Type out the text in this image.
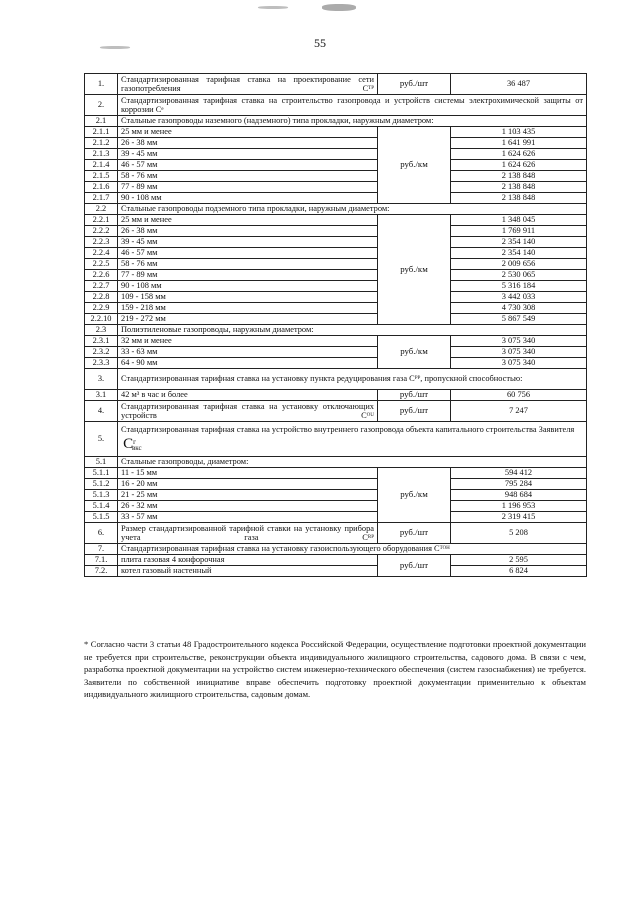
55
1.	Стандартизированная тарифная ставка на проектирование сети газопотребления Сᵀᴾ	руб./шт	36 487
2.	Стандартизированная тарифная ставка на строительство газопровода и устройств системы электрохимической защиты от коррозии Сᵉ		
2.1	Стальные газопроводы наземного (надземного) типа прокладки, наружным диаметром:		
2.1.1	25 мм и менее	руб./км	1 103 435
2.1.2	26 - 38 мм		1 641 991
2.1.3	39 - 45 мм		1 624 626
2.1.4	46 - 57 мм		1 624 626
2.1.5	58 - 76 мм		2 138 848
2.1.6	77 - 89 мм		2 138 848
2.1.7	90 - 108 мм		2 138 848
2.2	Стальные газопроводы подземного типа прокладки, наружным диаметром:		
2.2.1	25 мм и менее	руб./км	1 348 045
2.2.2	26 - 38 мм		1 769 911
2.2.3	39 - 45 мм		2 354 140
2.2.4	46 - 57 мм		2 354 140
2.2.5	58 - 76 мм		2 009 656
2.2.6	77 - 89 мм		2 530 065
2.2.7	90 - 108 мм		5 316 184
2.2.8	109 - 158 мм		3 442 033
2.2.9	159 - 218 мм		4 730 308
2.2.10	219 - 272 мм		5 867 549
2.3	Полиэтиленовые газопроводы, наружным диаметром:		
2.3.1	32 мм и менее	руб./км	3 075 340
2.3.2	33 - 63 мм		3 075 340
2.3.3	64 - 90 мм		3 075 340
3.	Стандартизированная тарифная ставка на установку пункта редуцирования газа Сᴾᴾ, пропускной способностью:		
3.1	42 м³ в час и более	руб./шт	60 756
4.	Стандартизированная тарифная ставка на установку отключающих устройств Сᴼᵁ	руб./шт	7 247
5.	Стандартизированная тарифная ставка на устройство внутреннего газопровода объекта капитального строительства Заявителя  $С^г_{вкс}$
5.1	Стальные газопроводы, диаметром:		
5.1.1	11 - 15 мм	руб./км	594 412
5.1.2	16 - 20 мм		795 284
5.1.3	21 - 25 мм		948 684
5.1.4	26 - 32 мм		1 196 953
5.1.5	33 - 57 мм		2 319 415
6.	Размер стандартизированной тарифной ставки на установку прибора учета газа Сᴿᴾ	руб./шт	5 208
7.	Стандартизированная тарифная ставка на установку газоиспользующего оборудования Сᵀᴼᴴ		
7.1.	плита газовая 4 конфорочная	руб./шт	2 595
7.2.	котел газовый настенный		6 824
* Согласно части 3 статьи 48 Градостроительного кодекса Российской Федерации, осуществление подготовки проектной документации не требуется при строительстве, реконструкции объекта индивидуального жилищного строительства, садового дома. В связи с чем, разработка проектной документации на устройство систем инженерно-технического обеспечения (систем газоснабжения) не требуется. Заявители по собственной инициативе вправе обеспечить подготовку проектной документации применительно к объектам индивидуального жилищного строительства, садовым домам.
